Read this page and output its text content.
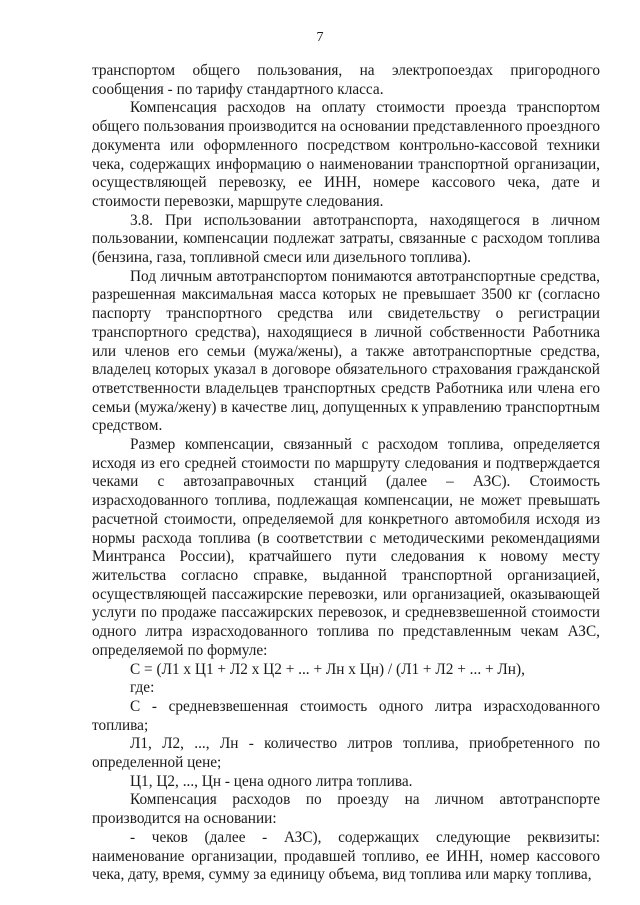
7

транспортом общего пользования, на электропоездах пригородного сообщения - по тарифу стандартного класса.

Компенсация расходов на оплату стоимости проезда транспортом общего пользования производится на основании представленного проездного документа или оформленного посредством контрольно-кассовой техники чека, содержащих информацию о наименовании транспортной организации, осуществляющей перевозку, ее ИНН, номере кассового чека, дате и стоимости перевозки, маршруте следования.

3.8. При использовании автотранспорта, находящегося в личном пользовании, компенсации подлежат затраты, связанные с расходом топлива (бензина, газа, топливной смеси или дизельного топлива).

Под личным автотранспортом понимаются автотранспортные средства, разрешенная максимальная масса которых не превышает 3500 кг (согласно паспорту транспортного средства или свидетельству о регистрации транспортного средства), находящиеся в личной собственности Работника или членов его семьи (мужа/жены), а также автотранспортные средства, владелец которых указал в договоре обязательного страхования гражданской ответственности владельцев транспортных средств Работника или члена его семьи (мужа/жену) в качестве лиц, допущенных к управлению транспортным средством.

Размер компенсации, связанный с расходом топлива, определяется исходя из его средней стоимости по маршруту следования и подтверждается чеками с автозаправочных станций (далее – АЗС). Стоимость израсходованного топлива, подлежащая компенсации, не может превышать расчетной стоимости, определяемой для конкретного автомобиля исходя из нормы расхода топлива (в соответствии с методическими рекомендациями Минтранса России), кратчайшего пути следования к новому месту жительства согласно справке, выданной транспортной организацией, осуществляющей пассажирские перевозки, или организацией, оказывающей услуги по продаже пассажирских перевозок, и средневзвешенной стоимости одного литра израсходованного топлива по представленным чекам АЗС, определяемой по формуле:

С = (Л1 х Ц1 + Л2 х Ц2 + ... + Лн х Цн) / (Л1 + Л2 + ... + Лн),

где:

С - средневзвешенная стоимость одного литра израсходованного топлива;

Л1, Л2, ..., Лн - количество литров топлива, приобретенного по определенной цене;

Ц1, Ц2, ..., Цн - цена одного литра топлива.

Компенсация расходов по проезду на личном автотранспорте производится на основании:

- чеков (далее - АЗС), содержащих следующие реквизиты: наименование организации, продавшей топливо, ее ИНН, номер кассового чека, дату, время, сумму за единицу объема, вид топлива или марку топлива,
